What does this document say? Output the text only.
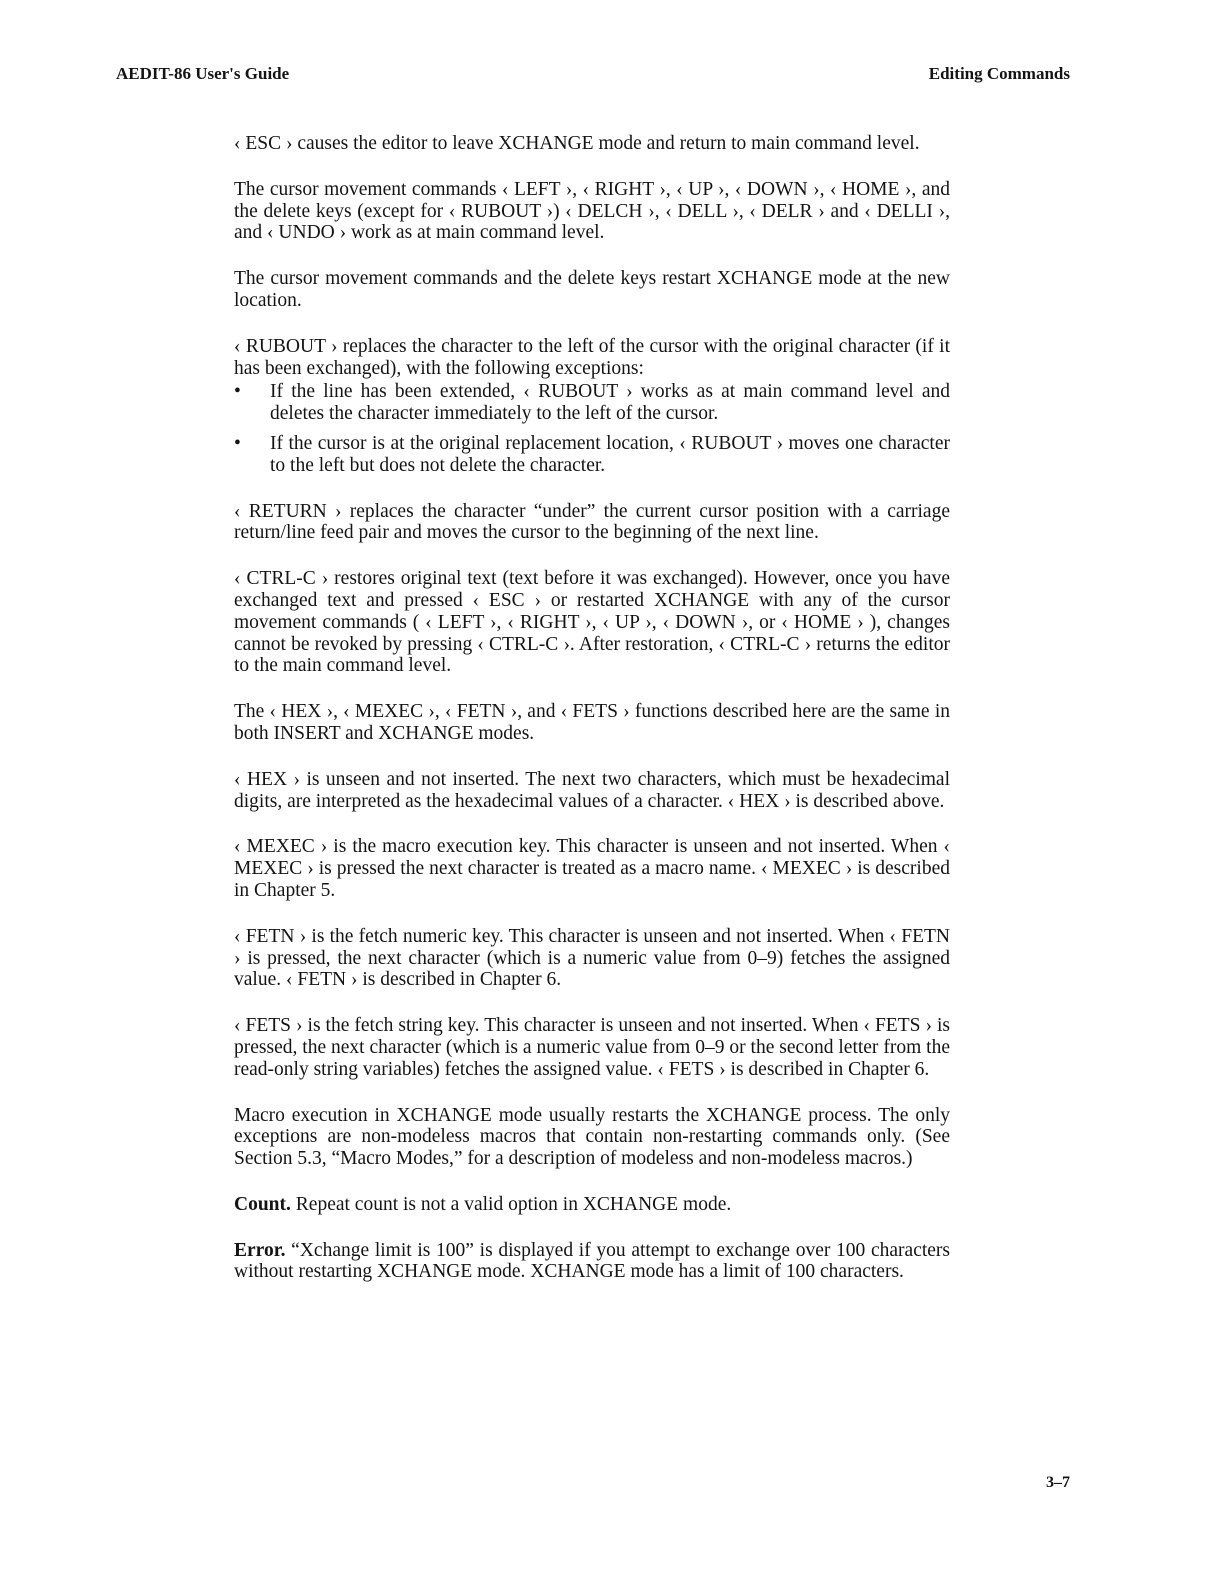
AEDIT-86 User's Guide	Editing Commands

‹ ESC › causes the editor to leave XCHANGE mode and return to main command level.

The cursor movement commands ‹ LEFT ›, ‹ RIGHT ›, ‹ UP ›, ‹ DOWN ›, ‹ HOME ›, and the delete keys (except for ‹ RUBOUT ›) ‹ DELCH ›, ‹ DELL ›, ‹ DELR › and ‹ DELLI ›, and ‹ UNDO › work as at main command level.

The cursor movement commands and the delete keys restart XCHANGE mode at the new location.

‹ RUBOUT › replaces the character to the left of the cursor with the original character (if it has been exchanged), with the following exceptions:

• If the line has been extended, ‹ RUBOUT › works as at main command level and deletes the character immediately to the left of the cursor.
• If the cursor is at the original replacement location, ‹ RUBOUT › moves one character to the left but does not delete the character.

‹ RETURN › replaces the character “under” the current cursor position with a carriage return/line feed pair and moves the cursor to the beginning of the next line.

‹ CTRL-C › restores original text (text before it was exchanged). However, once you have exchanged text and pressed ‹ ESC › or restarted XCHANGE with any of the cursor movement commands ( ‹ LEFT ›, ‹ RIGHT ›, ‹ UP ›, ‹ DOWN ›, or ‹ HOME › ), changes cannot be revoked by pressing ‹ CTRL-C ›. After restoration, ‹ CTRL-C › returns the editor to the main command level.

The ‹ HEX ›, ‹ MEXEC ›, ‹ FETN ›, and ‹ FETS › functions described here are the same in both INSERT and XCHANGE modes.

‹ HEX › is unseen and not inserted. The next two characters, which must be hexadecimal digits, are interpreted as the hexadecimal values of a character. ‹ HEX › is described above.

‹ MEXEC › is the macro execution key. This character is unseen and not inserted. When ‹ MEXEC › is pressed the next character is treated as a macro name. ‹ MEXEC › is described in Chapter 5.

‹ FETN › is the fetch numeric key. This character is unseen and not inserted. When ‹ FETN › is pressed, the next character (which is a numeric value from 0–9) fetches the assigned value. ‹ FETN › is described in Chapter 6.

‹ FETS › is the fetch string key. This character is unseen and not inserted. When ‹ FETS › is pressed, the next character (which is a numeric value from 0–9 or the second letter from the read-only string variables) fetches the assigned value. ‹ FETS › is described in Chapter 6.

Macro execution in XCHANGE mode usually restarts the XCHANGE process. The only exceptions are non-modeless macros that contain non-restarting commands only. (See Section 5.3, “Macro Modes,” for a description of modeless and non-modeless macros.)

Count. Repeat count is not a valid option in XCHANGE mode.

Error. “Xchange limit is 100” is displayed if you attempt to exchange over 100 characters without restarting XCHANGE mode. XCHANGE mode has a limit of 100 characters.

3–7
